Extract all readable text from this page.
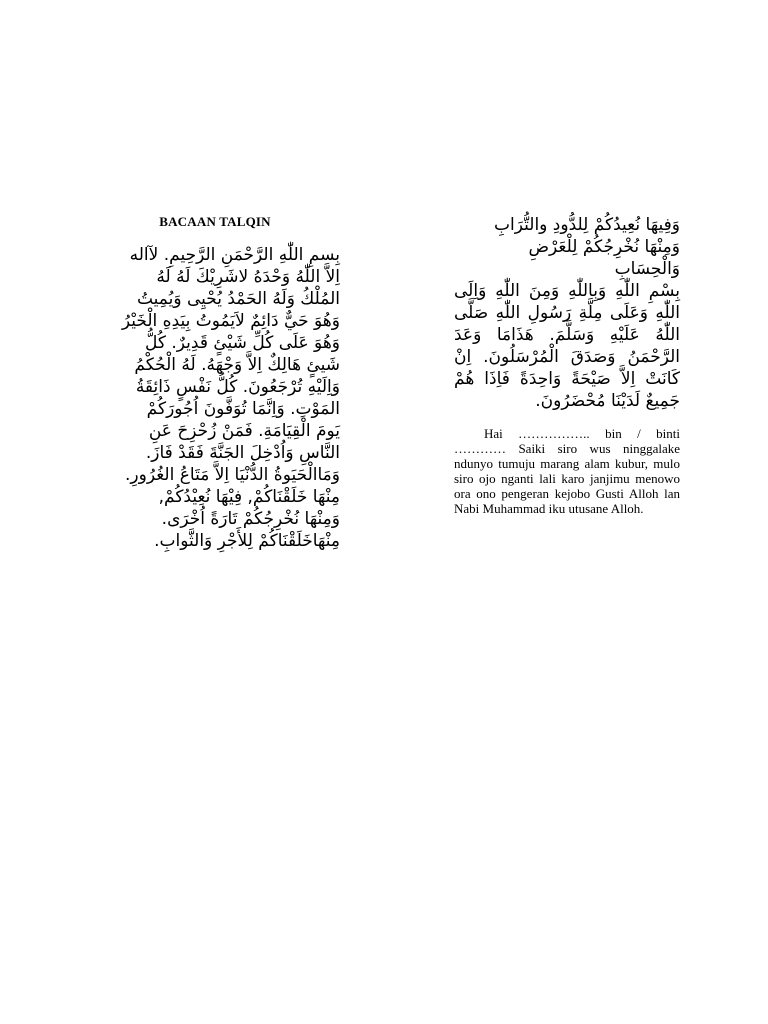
BACAAN TALQIN
بِسمِ اللّٰهِ الرَّحْمَنِ الرَّحِيمِ. لآاله
اِلاَّ اللّٰهُ وَحْدَهُ لاشَرِيْكَ لَهُ لَهُ
المُلْكُ وَلَهُ الحَمْدُ يُحْيِى وَيُمِيتُ
وَهُوَ حَيٌّ دَائِمٌ لاَيَمُوتُ بِيَدِهِ الْخَيْرُ
وَهُوَ عَلَى كُلِّ شَيْئٍ قَدِيرٌ. كُلُّ
شَيئٍ هَالِكٌ اِلاَّ وَجْهَهُ. لَهُ الْحُكْمُ
وَاِلَيْهِ تُرْجَعُونَ. كُلُّ نَفْسٍ ذَائِقَةُ
المَوْتِ. وَاِنَّمَا تُوَفَّونَ اُجُورَكُمْ
يَومَ الْقِيَامَةِ. فَمَنْ زُحْزِحَ عَنِ
النَّاسِ وَاُدْخِلَ الجَنَّةَ فَقَدْ فَازَ.
وَمَاالْحَيَوةُ الدُّنْيَا اِلاَّ مَتَاعُ الغُرُورِ.
مِنْهَا خَلَقْنَاكُمْ, فِيْهَا نُعِيْدُكُمْ,
وَمِنْهَا نُخْرِجُكُمْ تَارَةً اُخْرَى.
مِنْهَاخَلَقْنَاكُمْ لِلأَجْرِ وَالثَّوابِ.
وَفِيهَا نُعِيدُكُمْ لِلدُّودِ والتُّرَابِ
وَمِنْهَا نُخْرِجُكُمْ لِلْعَرْضِ
وَالْحِسَابِ
بِسْمِ اللّٰهِ وَبِاللّٰهِ وَمِنَ اللّٰهِ وَاِلَى اللّٰهِ وَعَلَى مِلَّةِ رَسُولِ اللّٰهِ صَلَّى اللّٰهُ عَلَيْهِ وَسَلَّمَ. هَذَامَا وَعَدَ الرَّحْمَنُ وَصَدَقَ الْمُرْسَلُونَ. اِنْ كَانَتْ اِلاَّ صَيْحَةً وَاحِدَةً فَاِذَا هُمْ جَمِيعٌ لَدَيْنَا مُحْضَرُونَ.

Hai …………….. bin / binti ………… Saiki siro wus ninggalake ndunyo tumuju marang alam kubur, mulo siro ojo nganti lali karo janjimu menowo ora ono pengeran kejobo Gusti Alloh lan Nabi Muhammad iku utusane Alloh.
